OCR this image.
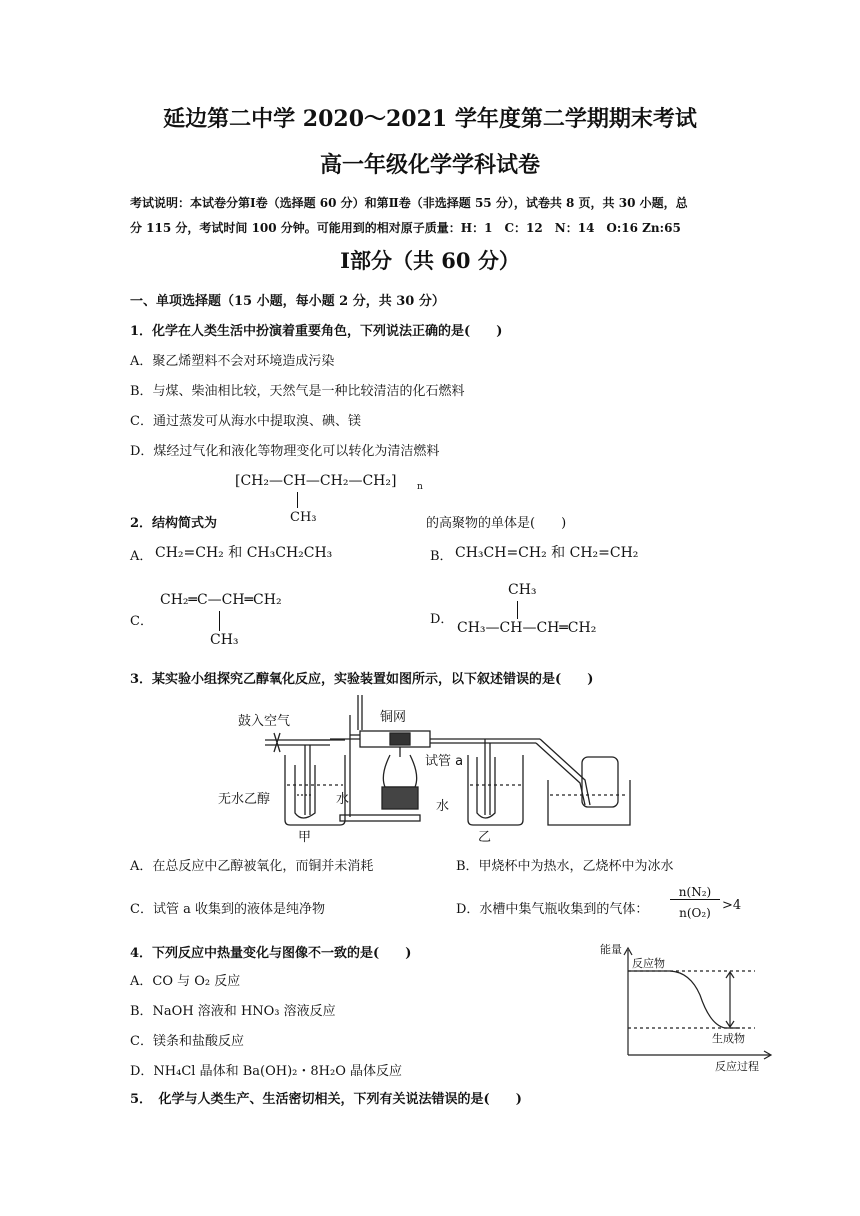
延边第二中学 2020～2021 学年度第二学期期末考试
高一年级化学学科试卷
考试说明：本试卷分第Ⅰ卷（选择题 60 分）和第Ⅱ卷（非选择题 55 分），试卷共 8 页，共 30 小题，总
分 115 分，考试时间 100 分钟。可能用到的相对原子质量：H：1　C：12　N：14　O:16 Zn:65
Ⅰ部分（共 60 分）
一、单项选择题（15 小题，每小题 2 分，共 30 分）
1．化学在人类生活中扮演着重要角色，下列说法正确的是(　　)
A．聚乙烯塑料不会对环境造成污染
B．与煤、柴油相比较，天然气是一种比较清洁的化石燃料
C．通过蒸发可从海水中提取溴、碘、镁
D．煤经过气化和液化等物理变化可以转化为清洁燃料
[CH₂—CH—CH₂—CH₂] n
CH₃
2．结构简式为	的高聚物的单体是(　　)
A． CH₂=CH₂ 和 CH₃CH₂CH₃	B． CH₃CH=CH₂ 和 CH₂=CH₂
C．
CH₂═C—CH═CH₂
CH₃
D．
CH₃
CH₃—CH—CH═CH₂
3．某实验小组探究乙醇氧化反应，实验装置如图所示，以下叙述错误的是(　　)
鼓入空气	铜网
无水乙醇	水
甲
试管 a
水
乙
A．在总反应中乙醇被氧化，而铜并未消耗	B．甲烧杯中为热水，乙烧杯中为冰水
C．试管 a 收集到的液体是纯净物	D．水槽中集气瓶收集到的气体：
n(N₂)
n(O₂) >4
4．下列反应中热量变化与图像不一致的是(　　)
A．CO 与 O₂ 反应
B．NaOH 溶液和 HNO₃ 溶液反应
C．镁条和盐酸反应
D．NH₄Cl 晶体和 Ba(OH)₂・8H₂O 晶体反应
能量
反应物
生成物
反应过程
5．　化学与人类生产、生活密切相关，下列有关说法错误的是(　　)
